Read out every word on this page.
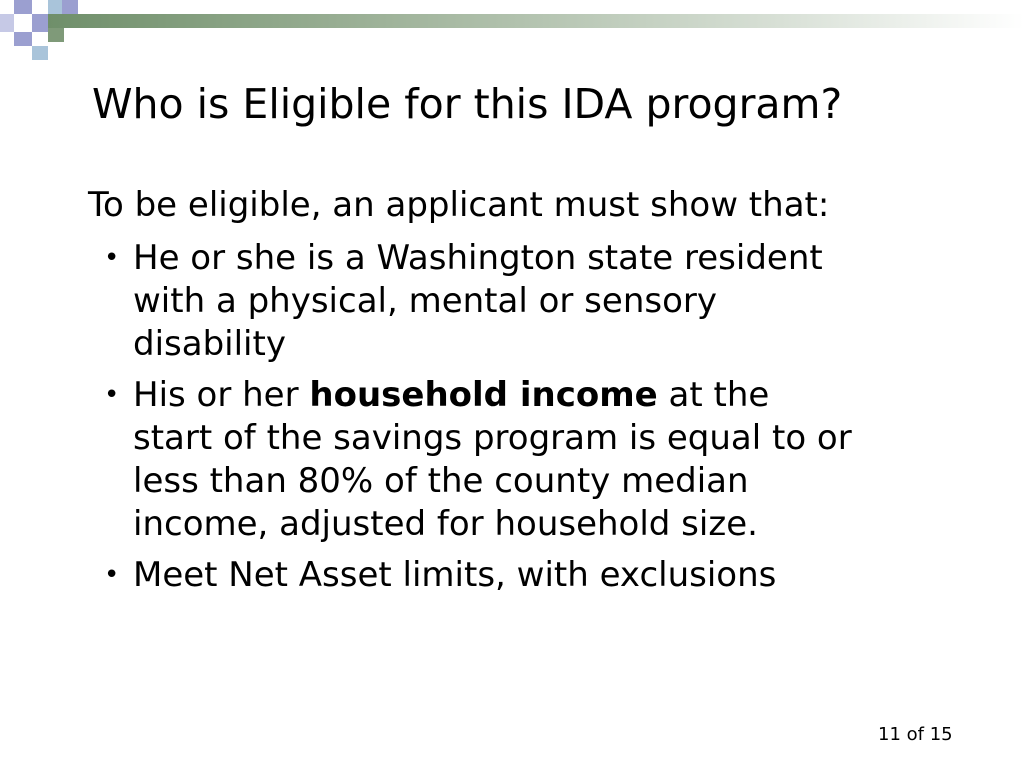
Who is Eligible for this IDA program?

To be eligible, an applicant must show that:

• He or she is a Washington state resident
with a physical, mental or sensory
disability
• His or her household income at the
start of the savings program is equal to or
less than 80% of the county median
income, adjusted for household size.
• Meet Net Asset limits, with exclusions
11 of 15
